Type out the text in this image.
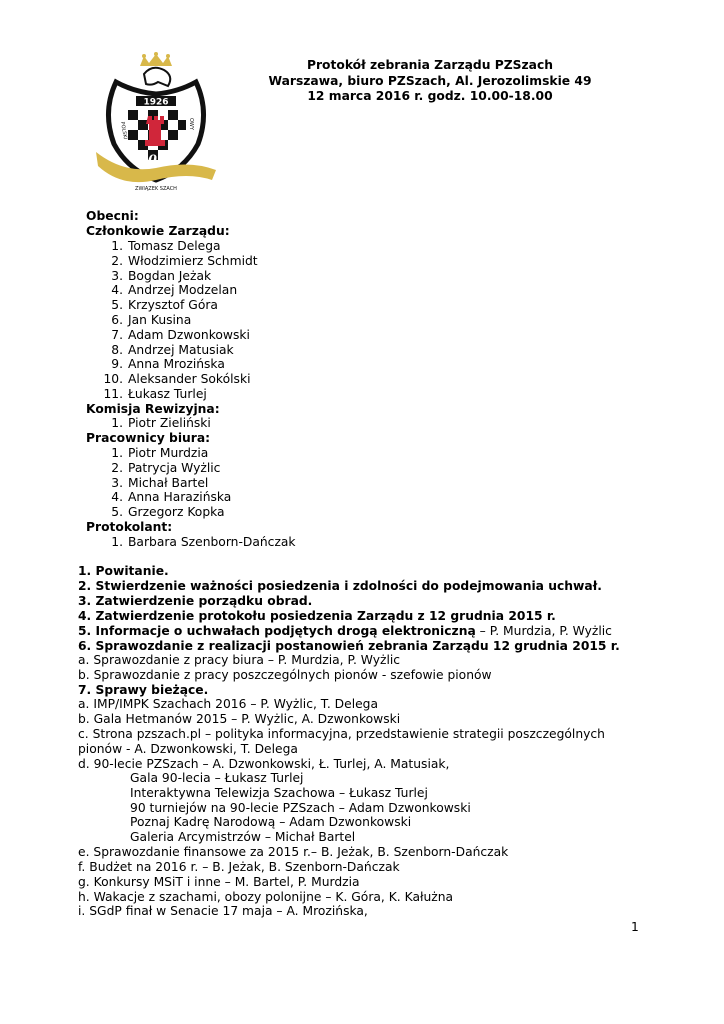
1926
POLSKI	OWY
90 lat
ZWIĄZEK SZACH
Protokół zebrania Zarządu PZSzach
Warszawa, biuro PZSzach, Al. Jerozolimskie 49
12 marca 2016 r. godz. 10.00-18.00
Obecni:
Członkowie Zarządu:
1. Tomasz Delega
2. Włodzimierz Schmidt
3. Bogdan Jeżak
4. Andrzej Modzelan
5. Krzysztof Góra
6. Jan Kusina
7. Adam Dzwonkowski
8. Andrzej Matusiak
9. Anna Mrozińska
10. Aleksander Sokólski
11. Łukasz Turlej
Komisja Rewizyjna:
1. Piotr Zieliński
Pracownicy biura:
1. Piotr Murdzia
2. Patrycja Wyżlic
3. Michał Bartel
4. Anna Harazińska
5. Grzegorz Kopka
Protokolant:
1. Barbara Szenborn-Dańczak
1. Powitanie.
2. Stwierdzenie ważności posiedzenia i zdolności do podejmowania uchwał.
3. Zatwierdzenie porządku obrad.
4. Zatwierdzenie protokołu posiedzenia Zarządu z 12 grudnia 2015 r.
5. Informacje o uchwałach podjętych drogą elektroniczną – P. Murdzia, P. Wyżlic
6. Sprawozdanie z realizacji postanowień zebrania Zarządu 12 grudnia 2015 r.
a. Sprawozdanie z pracy biura – P. Murdzia, P. Wyżlic
b. Sprawozdanie z pracy poszczególnych pionów - szefowie pionów
7. Sprawy bieżące.
a. IMP/IMPK Szachach 2016 – P. Wyżlic, T. Delega
b. Gala Hetmanów 2015 – P. Wyżlic, A. Dzwonkowski
c. Strona pzszach.pl – polityka informacyjna, przedstawienie strategii poszczególnych
pionów - A. Dzwonkowski, T. Delega
d. 90-lecie PZSzach – A. Dzwonkowski, Ł. Turlej, A. Matusiak,
Gala 90-lecia – Łukasz Turlej
Interaktywna Telewizja Szachowa – Łukasz Turlej
90 turniejów na 90-lecie PZSzach – Adam Dzwonkowski
Poznaj Kadrę Narodową – Adam Dzwonkowski
Galeria Arcymistrzów – Michał Bartel
e. Sprawozdanie finansowe za 2015 r.– B. Jeżak, B. Szenborn-Dańczak
f. Budżet na 2016 r. – B. Jeżak, B. Szenborn-Dańczak
g. Konkursy MSiT i inne – M. Bartel, P. Murdzia
h. Wakacje z szachami, obozy polonijne – K. Góra, K. Kałużna
i. SGdP finał w Senacie 17 maja – A. Mrozińska,
1
